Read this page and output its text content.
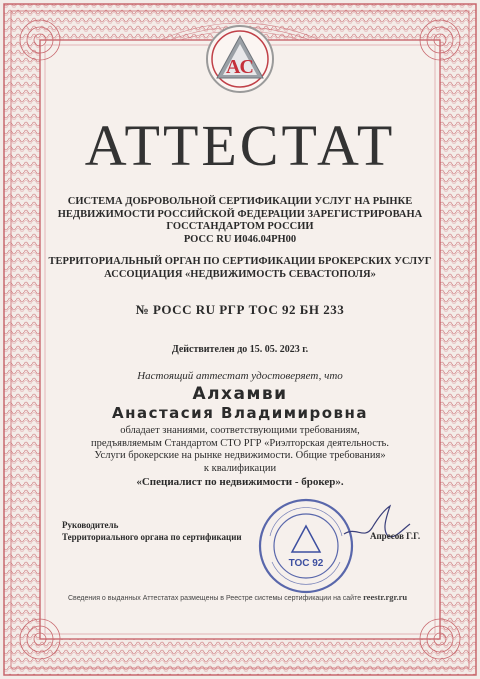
АС
АТТЕСТАТ
СИСТЕМА ДОБРОВОЛЬНОЙ СЕРТИФИКАЦИИ УСЛУГ НА РЫНКЕ
НЕДВИЖИМОСТИ РОССИЙСКОЙ ФЕДЕРАЦИИ ЗАРЕГИСТРИРОВАНА
ГОССТАНДАРТОМ РОССИИ
РОСС RU И046.04РН00
ТЕРРИТОРИАЛЬНЫЙ ОРГАН ПО СЕРТИФИКАЦИИ БРОКЕРСКИХ УСЛУГ
АССОЦИАЦИЯ «НЕДВИЖИМОСТЬ СЕВАСТОПОЛЯ»
№ РОСС RU РГР ТОС 92 БН 233
Действителен до 15. 05. 2023 г.
Настоящий аттестат удостоверяет, что
Алхамви
Анастасия Владимировна
обладает знаниями, соответствующими требованиям,
предъявляемым Стандартом СТО РГР «Риэлторская деятельность.
Услуги брокерские на рынке недвижимости. Общие требования»
к квалификации
«Специалист по недвижимости - брокер».
Руководитель
Территориального органа по сертификации
ТОС 92
Апресов Г.Г.
Сведения о выданных Аттестатах размещены в Реестре системы сертификации на сайте reestr.rgr.ru
